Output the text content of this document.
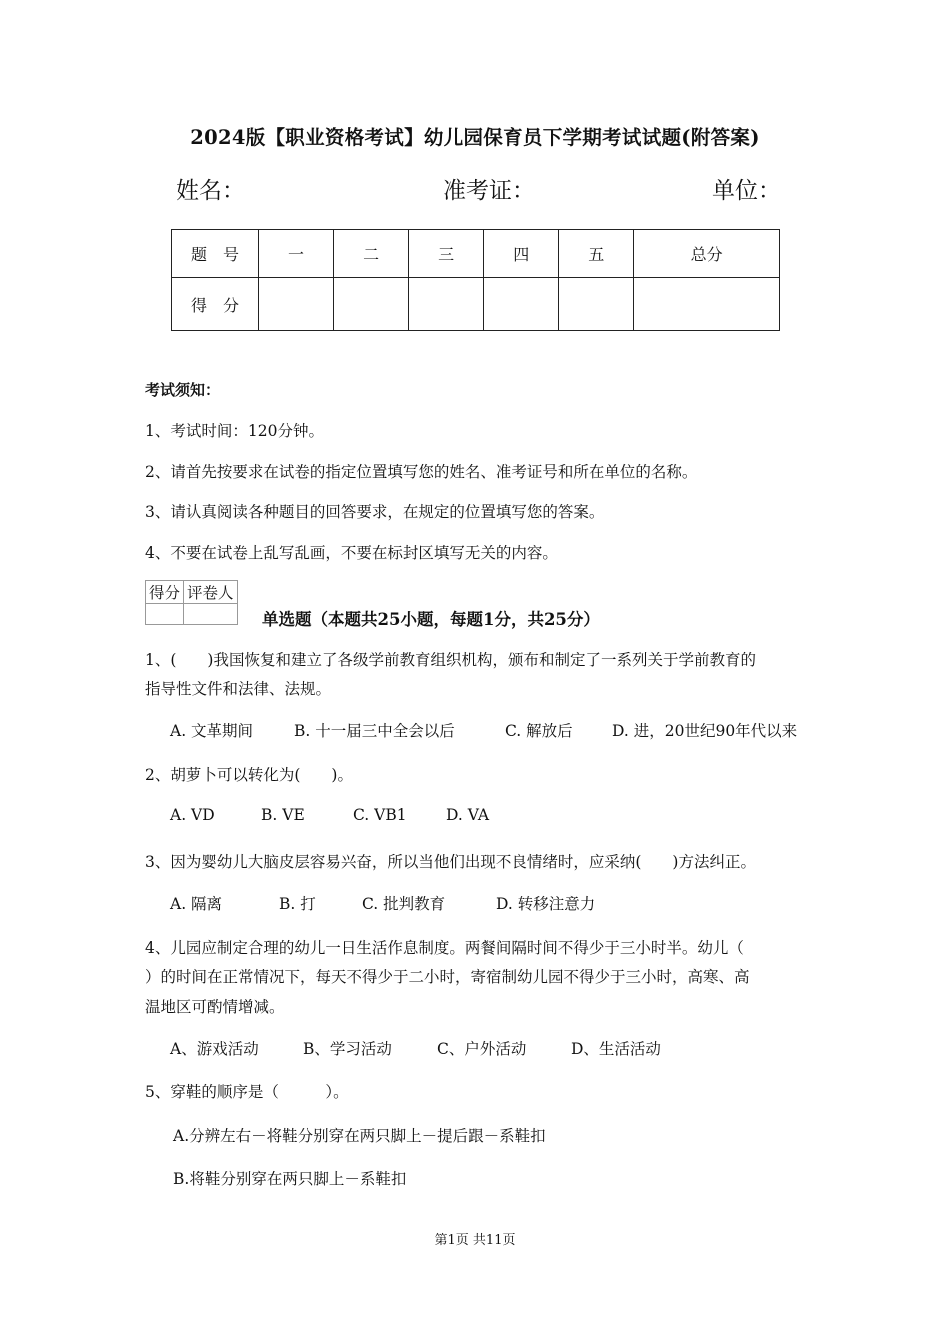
2024版【职业资格考试】幼儿园保育员下学期考试试题(附答案)
姓名：	准考证：	单位：
题　号	一	二	三	四	五	总分
得　分						
考试须知：
1、考试时间：120分钟。
2、请首先按要求在试卷的指定位置填写您的姓名、准考证号和所在单位的名称。
3、请认真阅读各种题目的回答要求，在规定的位置填写您的答案。
4、不要在试卷上乱写乱画，不要在标封区填写无关的内容。
得分	评卷人

单选题（本题共25小题，每题1分，共25分）
1、(　　)我国恢复和建立了各级学前教育组织机构，颁布和制定了一系列关于学前教育的
指导性文件和法律、法规。
A. 文革期间	B. 十一届三中全会以后	C. 解放后	D. 进，20世纪90年代以来
2、胡萝卜可以转化为(　　)。
A. VD	B. VE	C. VB1	D. VA
3、因为婴幼儿大脑皮层容易兴奋，所以当他们出现不良情绪时，应采纳(　　)方法纠正。
A. 隔离	B. 打	C. 批判教育	D. 转移注意力
4、儿园应制定合理的幼儿一日生活作息制度。两餐间隔时间不得少于三小时半。幼儿（
）的时间在正常情况下，每天不得少于二小时，寄宿制幼儿园不得少于三小时，高寒、高
温地区可酌情增减。
A、游戏活动	B、学习活动	C、户外活动	D、生活活动
5、穿鞋的顺序是（　　　）。
A.分辨左右－将鞋分别穿在两只脚上－提后跟－系鞋扣
B.将鞋分别穿在两只脚上－系鞋扣
第1页 共11页
